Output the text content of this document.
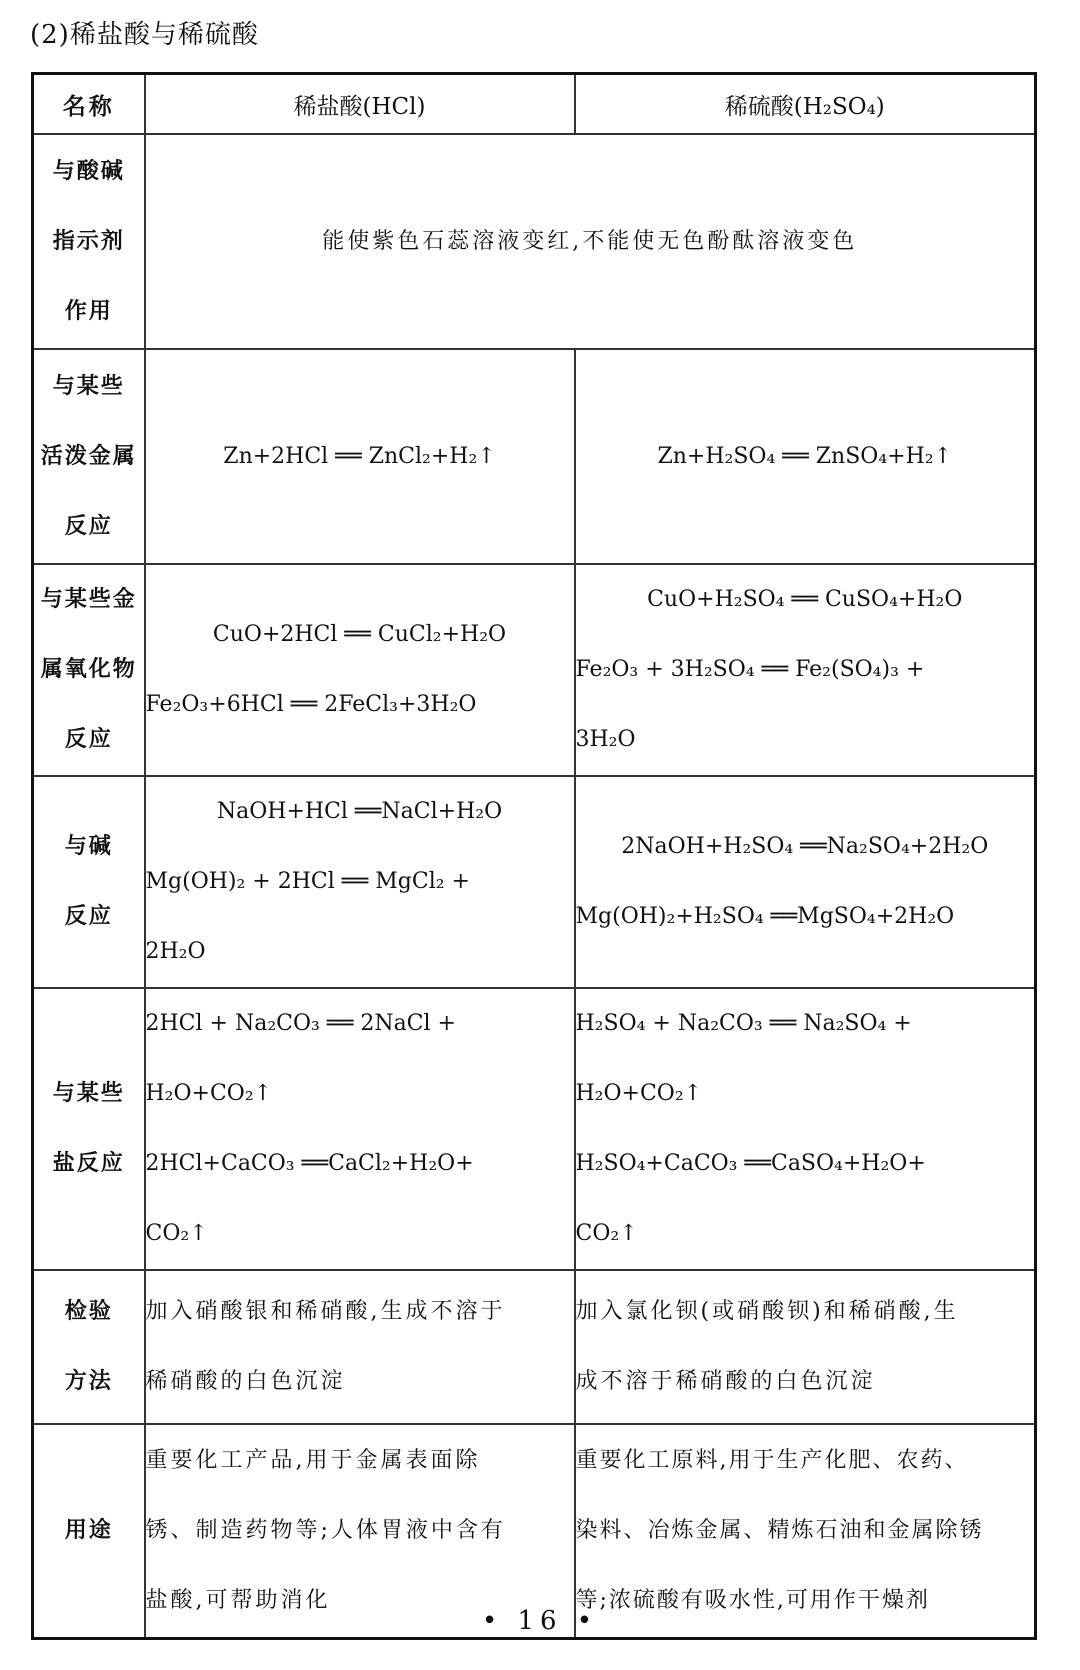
(2)稀盐酸与稀硫酸
名称	稀盐酸(HCl)	稀硫酸(H₂SO₄)

与酸碱
指示剂
作用	能使紫色石蕊溶液变红,不能使无色酚酞溶液变色	

与某些
活泼金属
反应	Zn+2HCl ══ ZnCl₂+H₂↑	Zn+H₂SO₄ ══ ZnSO₄+H₂↑

与某些金
属氧化物
反应	CuO+2HCl ══ CuCl₂+H₂O
Fe₂O₃+6HCl ══ 2FeCl₃+3H₂O	CuO+H₂SO₄ ══ CuSO₄+H₂O
Fe₂O₃ + 3H₂SO₄ ══ Fe₂(SO₄)₃ +
3H₂O

与碱
反应	NaOH+HCl ══NaCl+H₂O
Mg(OH)₂ + 2HCl ══ MgCl₂ +
2H₂O	2NaOH+H₂SO₄ ══Na₂SO₄+2H₂O
Mg(OH)₂+H₂SO₄ ══MgSO₄+2H₂O

与某些
盐反应	2HCl + Na₂CO₃ ══ 2NaCl +
H₂O+CO₂↑
2HCl+CaCO₃ ══CaCl₂+H₂O+
CO₂↑	H₂SO₄ + Na₂CO₃ ══ Na₂SO₄ +
H₂O+CO₂↑
H₂SO₄+CaCO₃ ══CaSO₄+H₂O+
CO₂↑

检验
方法	加入硝酸银和稀硝酸,生成不溶于
稀硝酸的白色沉淀	加入氯化钡(或硝酸钡)和稀硝酸,生
成不溶于稀硝酸的白色沉淀

用途	重要化工产品,用于金属表面除
锈、制造药物等;人体胃液中含有
盐酸,可帮助消化	重要化工原料,用于生产化肥、农药、
染料、冶炼金属、精炼石油和金属除锈
等;浓硫酸有吸水性,可用作干燥剂
• 16 •
